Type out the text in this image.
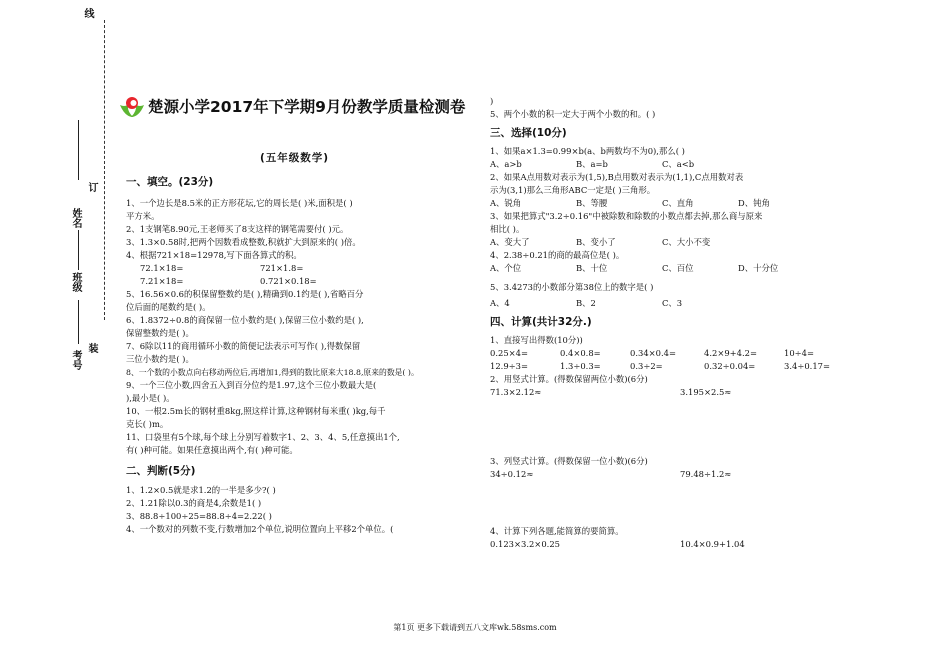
线
订
装
姓名
班级
考号
楚源小学2017年下学期9月份教学质量检测卷
(五年级数学)
一、填空。(23分)
1、一个边长是8.5米的正方形花坛,它的周长是( )米,面积是( )
平方米。
2、1支钢笔8.90元,王老师买了8支这样的钢笔需要付( )元。
3、1.3×0.58时,把两个因数看成整数,积就扩大到原来的( )倍。
4、根据721×18=12978,写下面各算式的积。
72.1×18=	721×1.8=
7.21×18=	0.721×0.18=
5、16.56×0.6的积保留整数约是( ),精确到0.1约是( ),省略百分
位后面的尾数约是( )。
6、1.8372÷0.8的商保留一位小数约是( ),保留三位小数约是( ),
保留整数约是( )。
7、6除以11的商用循环小数的简便记法表示可写作( ),得数保留
三位小数约是( )。
8、一个数的小数点向右移动两位后,再增加1,得到的数比原来大18.8,原来的数是( )。
9、一个三位小数,四舍五入到百分位约是1.97,这个三位小数最大是(
),最小是( )。
10、一根2.5m长的钢材重8kg,照这样计算,这种钢材每米重( )kg,每千
克长( )m。
11、口袋里有5个球,每个球上分别写着数字1、2、3、4、5,任意摸出1个,
有( )种可能。如果任意摸出两个,有( )种可能。
二、判断(5分)
1、1.2×0.5就是求1.2的一半是多少?( )
2、1.21除以0.3的商是4,余数是1( )
3、88.8÷100÷25=88.8÷4=2.22( )
4、一个数对的列数不变,行数增加2个单位,说明位置向上平移2个单位。(
)
5、两个小数的积一定大于两个小数的和。( )
三、选择(10分)
1、如果a×1.3=0.99×b(a、b两数均不为0),那么( )
A、a>b	B、a=b	C、a<b
2、如果A点用数对表示为(1,5),B点用数对表示为(1,1),C点用数对表
示为(3,1)那么三角形ABC一定是( )三角形。
A、锐角	B、等腰	C、直角	D、钝角
3、如果把算式"3.2÷0.16"中被除数和除数的小数点都去掉,那么商与原来
相比( )。
A、变大了	B、变小了	C、大小不变
4、2.38÷0.21的商的最高位是( )。
A、个位	B、十位	C、百位	D、十分位
5、3.4273的小数部分第38位上的数字是( )
A、4	B、2	C、3
四、计算(共计32分.)
1、直接写出得数(10分))
0.25×4=	0.4×0.8=	0.34×0.4=	4.2×9+4.2=	10÷4=
12.9÷3=	1.3÷0.3=	0.3÷2=	0.32÷0.04=	3.4÷0.17=
2、用竖式计算。(得数保留两位小数)(6分)
71.3×2.12≈	3.195×2.5≈
3、列竖式计算。(得数保留一位小数)(6分)
34÷0.12≈	79.48÷1.2≈
4、计算下列各题,能简算的要简算。
0.123×3.2×0.25	10.4×0.9+1.04
第1页 更多下载请到五八文库wk.58sms.com
